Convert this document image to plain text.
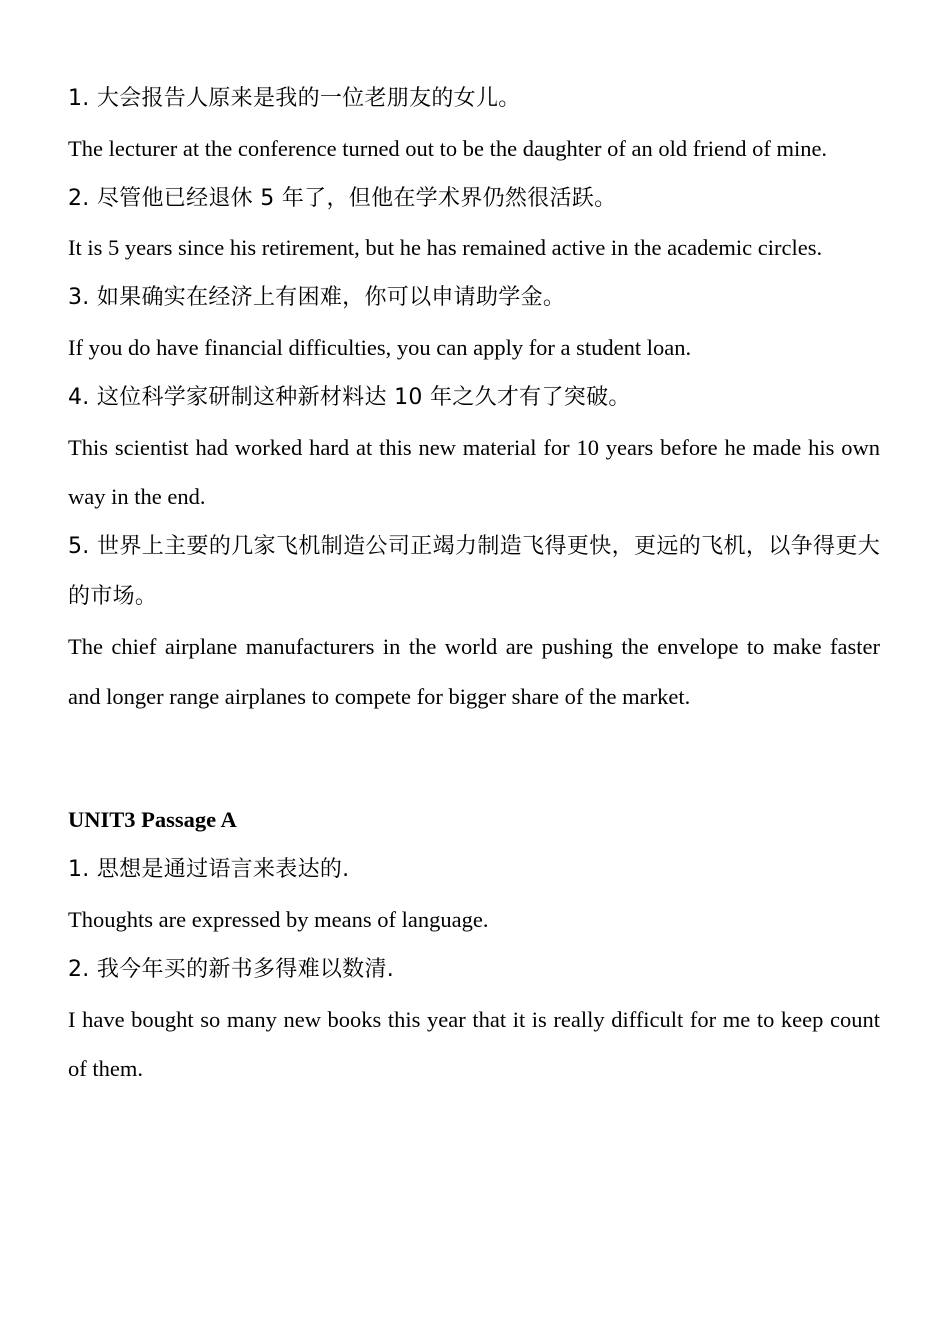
1. 大会报告人原来是我的一位老朋友的女儿。

The lecturer at the conference turned out to be the daughter of an old friend of mine.

2. 尽管他已经退休 5 年了，但他在学术界仍然很活跃。

It is 5 years since his retirement, but he has remained active in the academic circles.

3. 如果确实在经济上有困难，你可以申请助学金。

If you do have financial difficulties, you can apply for a student loan.

4. 这位科学家研制这种新材料达 10 年之久才有了突破。

This scientist had worked hard at this new material for 10 years before he made his own way in the end.

5. 世界上主要的几家飞机制造公司正竭力制造飞得更快，更远的飞机，以争得更大的市场。

The chief airplane manufacturers in the world are pushing the envelope to make faster and longer range airplanes to compete for bigger share of the market.

UNIT3 Passage A

1. 思想是通过语言来表达的.

Thoughts are expressed by means of language.

2. 我今年买的新书多得难以数清.

I have bought so many new books this year that it is really difficult for me to keep count of them.
